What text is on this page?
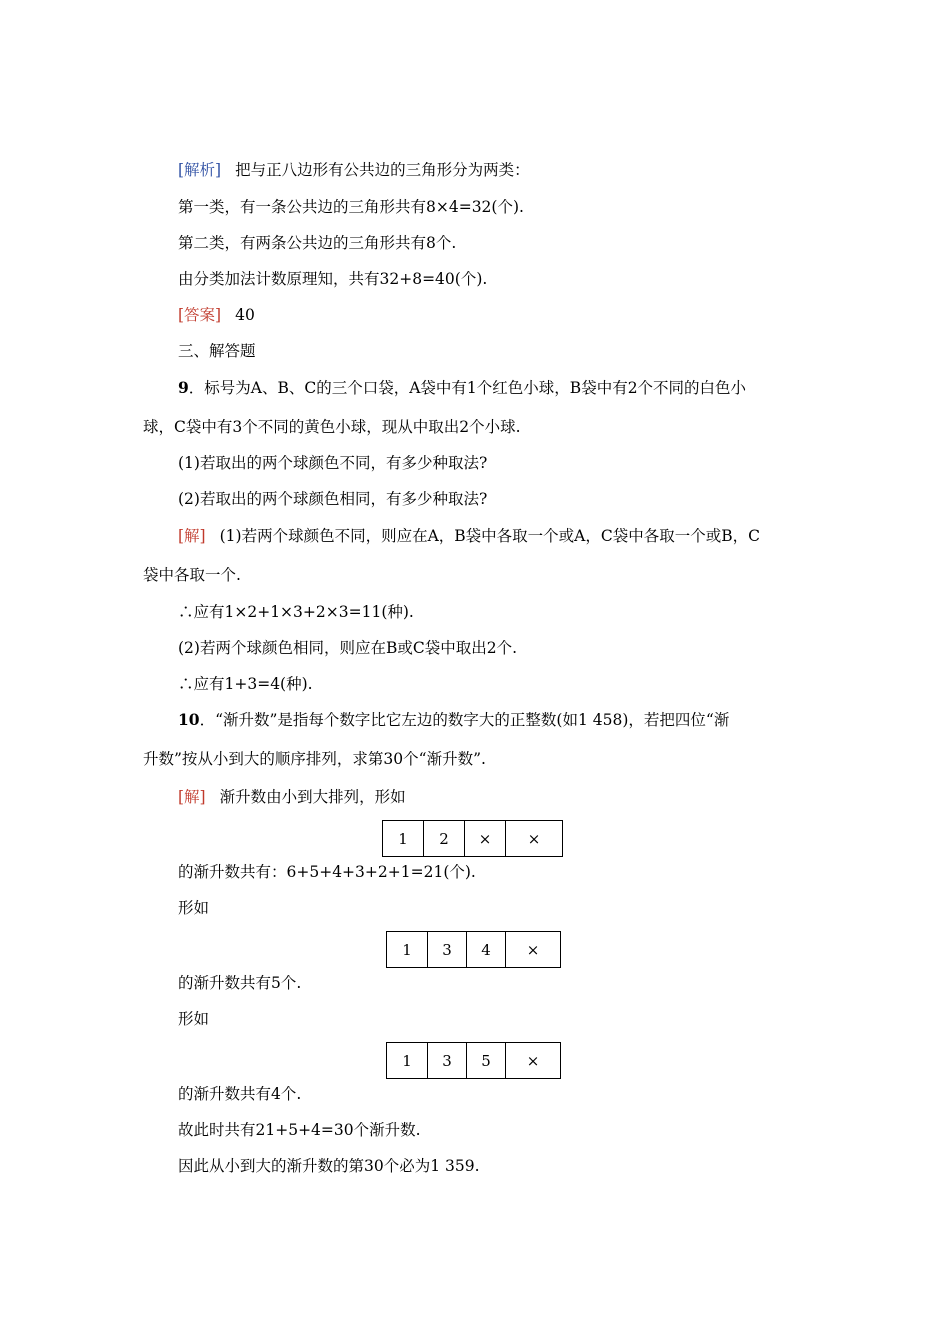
[解析] 把与正八边形有公共边的三角形分为两类：
第一类，有一条公共边的三角形共有8×4=32(个).
第二类，有两条公共边的三角形共有8个.
由分类加法计数原理知，共有32+8=40(个).
[答案] 40
三、解答题
9．标号为A、B、C的三个口袋，A袋中有1个红色小球，B袋中有2个不同的白色小
球，C袋中有3个不同的黄色小球，现从中取出2个小球.
(1)若取出的两个球颜色不同，有多少种取法?
(2)若取出的两个球颜色相同，有多少种取法?
[解] (1)若两个球颜色不同，则应在A，B袋中各取一个或A，C袋中各取一个或B，C
袋中各取一个.
∴应有1×2+1×3+2×3=11(种).
(2)若两个球颜色相同，则应在B或C袋中取出2个.
∴应有1+3=4(种).
10．“渐升数”是指每个数字比它左边的数字大的正整数(如1 458)，若把四位“渐
升数”按从小到大的顺序排列，求第30个“渐升数”.
[解] 渐升数由小到大排列，形如
1	2	×	×
的渐升数共有：6+5+4+3+2+1=21(个).
形如
1	3	4	×
的渐升数共有5个.
形如
1	3	5	×
的渐升数共有4个.
故此时共有21+5+4=30个渐升数.
因此从小到大的渐升数的第30个必为1 359.
